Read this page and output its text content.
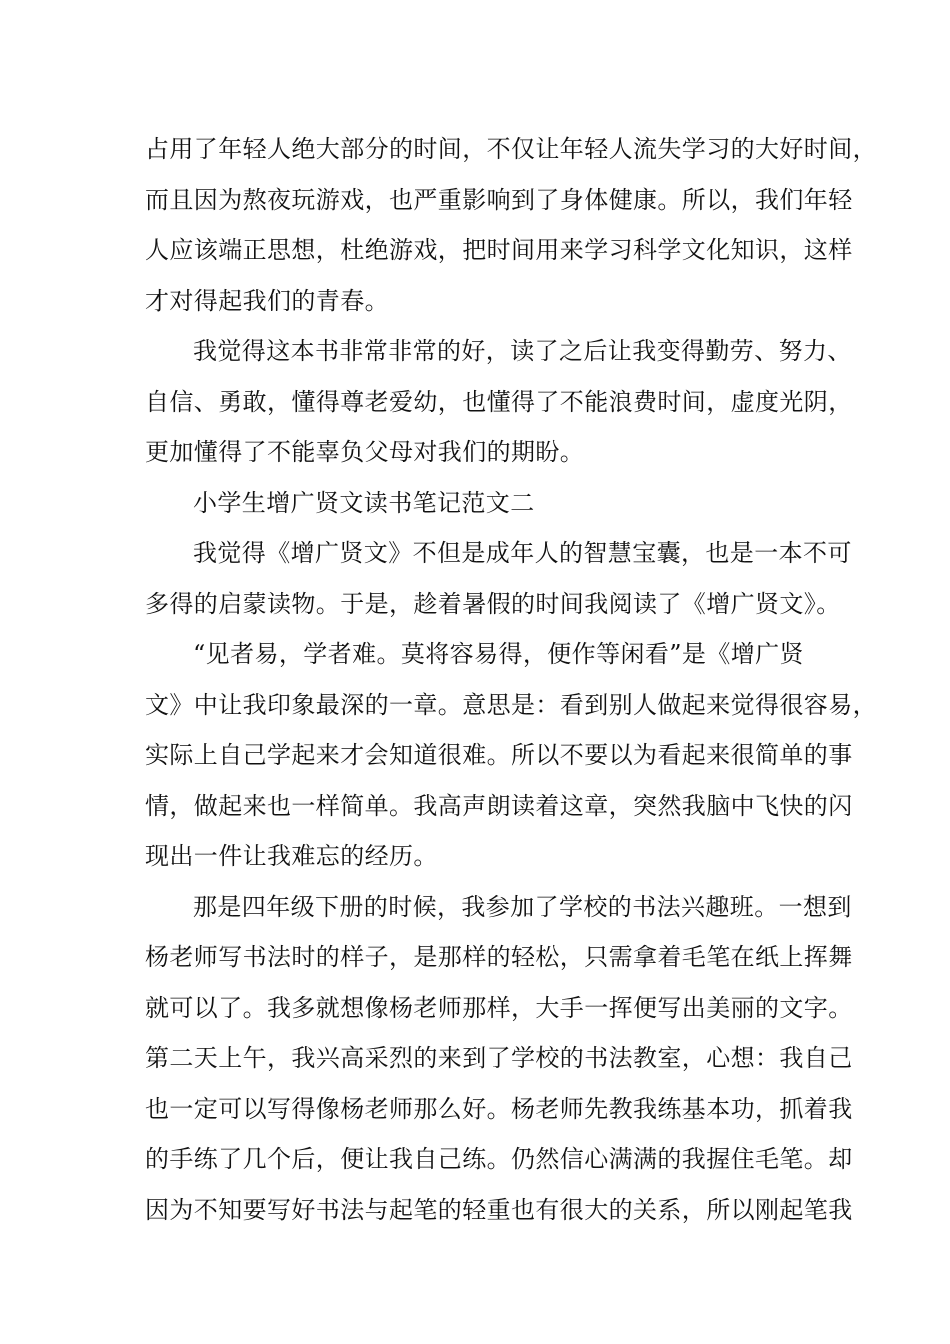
占用了年轻人绝大部分的时间，不仅让年轻人流失学习的大好时间，
而且因为熬夜玩游戏，也严重影响到了身体健康。所以，我们年轻
人应该端正思想，杜绝游戏，把时间用来学习科学文化知识，这样
才对得起我们的青春。
我觉得这本书非常非常的好，读了之后让我变得勤劳、努力、
自信、勇敢，懂得尊老爱幼，也懂得了不能浪费时间，虚度光阴，
更加懂得了不能辜负父母对我们的期盼。
小学生增广贤文读书笔记范文二
我觉得《增广贤文》不但是成年人的智慧宝囊，也是一本不可
多得的启蒙读物。于是，趁着暑假的时间我阅读了《增广贤文》。
“见者易，学者难。莫将容易得，便作等闲看”是《增广贤
文》中让我印象最深的一章。意思是：看到别人做起来觉得很容易，
实际上自己学起来才会知道很难。所以不要以为看起来很简单的事
情，做起来也一样简单。我高声朗读着这章，突然我脑中飞快的闪
现出一件让我难忘的经历。
那是四年级下册的时候，我参加了学校的书法兴趣班。一想到
杨老师写书法时的样子，是那样的轻松，只需拿着毛笔在纸上挥舞
就可以了。我多就想像杨老师那样，大手一挥便写出美丽的文字。
第二天上午，我兴高采烈的来到了学校的书法教室，心想：我自己
也一定可以写得像杨老师那么好。杨老师先教我练基本功，抓着我
的手练了几个后，便让我自己练。仍然信心满满的我握住毛笔。却
因为不知要写好书法与起笔的轻重也有很大的关系，所以刚起笔我
